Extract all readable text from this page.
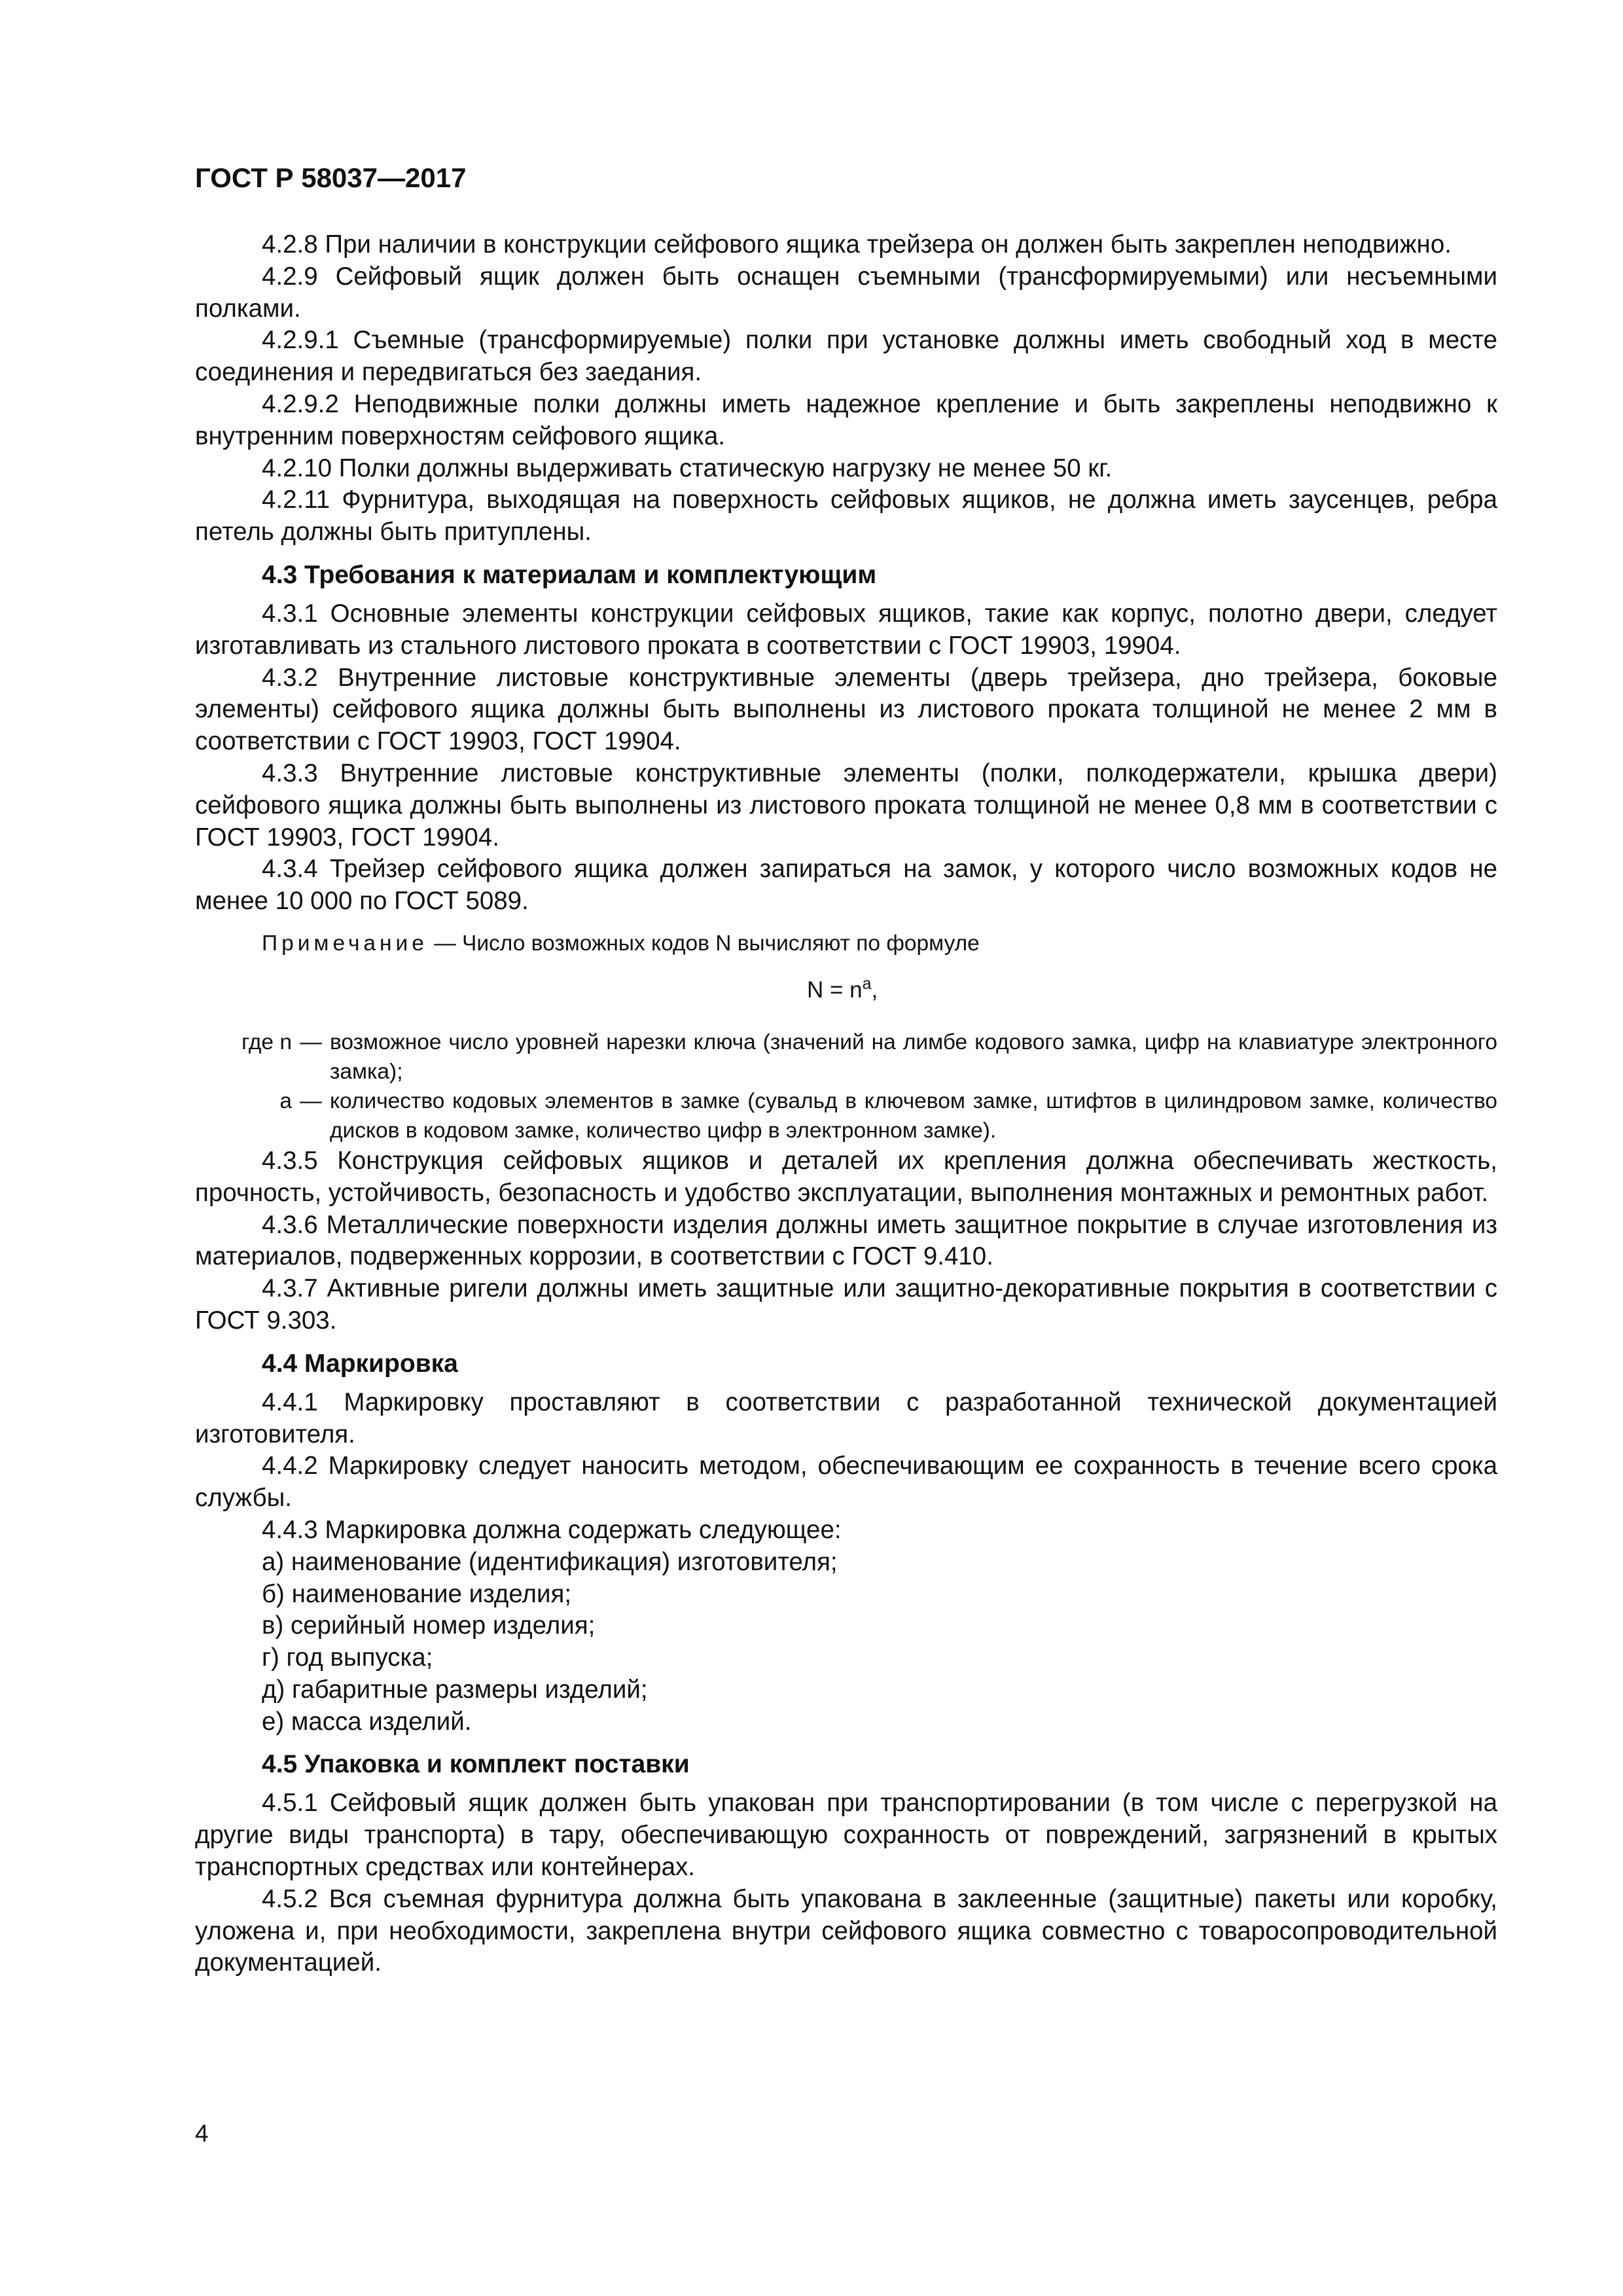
ГОСТ Р 58037—2017

4.2.8 При наличии в конструкции сейфового ящика трейзера он должен быть закреплен неподвижно.

4.2.9 Сейфовый ящик должен быть оснащен съемными (трансформируемыми) или несъемными полками.

4.2.9.1 Съемные (трансформируемые) полки при установке должны иметь свободный ход в месте соединения и передвигаться без заедания.

4.2.9.2 Неподвижные полки должны иметь надежное крепление и быть закреплены неподвижно к внутренним поверхностям сейфового ящика.

4.2.10 Полки должны выдерживать статическую нагрузку не менее 50 кг.

4.2.11 Фурнитура, выходящая на поверхность сейфовых ящиков, не должна иметь заусенцев, ребра петель должны быть притуплены.

4.3 Требования к материалам и комплектующим

4.3.1 Основные элементы конструкции сейфовых ящиков, такие как корпус, полотно двери, следует изготавливать из стального листового проката в соответствии с ГОСТ 19903, 19904.

4.3.2 Внутренние листовые конструктивные элементы (дверь трейзера, дно трейзера, боковые элементы) сейфового ящика должны быть выполнены из листового проката толщиной не менее 2 мм в соответствии с ГОСТ 19903, ГОСТ 19904.

4.3.3 Внутренние листовые конструктивные элементы (полки, полкодержатели, крышка двери) сейфового ящика должны быть выполнены из листового проката толщиной не менее 0,8 мм в соответствии с ГОСТ 19903, ГОСТ 19904.

4.3.4 Трейзер сейфового ящика должен запираться на замок, у которого число возможных кодов не менее 10 000 по ГОСТ 5089.

Примечание — Число возможных кодов N вычисляют по формуле

$N = n^a$,
где n — возможное число уровней нарезки ключа (значений на лимбе кодового замка, цифр на клавиатуре электронного замка);
a — количество кодовых элементов в замке (сувальд в ключевом замке, штифтов в цилиндровом замке, количество дисков в кодовом замке, количество цифр в электронном замке).

4.3.5 Конструкция сейфовых ящиков и деталей их крепления должна обеспечивать жесткость, прочность, устойчивость, безопасность и удобство эксплуатации, выполнения монтажных и ремонтных работ.

4.3.6 Металлические поверхности изделия должны иметь защитное покрытие в случае изготовления из материалов, подверженных коррозии, в соответствии с ГОСТ 9.410.

4.3.7 Активные ригели должны иметь защитные или защитно-декоративные покрытия в соответствии с ГОСТ 9.303.

4.4 Маркировка

4.4.1 Маркировку проставляют в соответствии с разработанной технической документацией изготовителя.

4.4.2 Маркировку следует наносить методом, обеспечивающим ее сохранность в течение всего срока службы.

4.4.3 Маркировка должна содержать следующее:

а) наименование (идентификация) изготовителя;

б) наименование изделия;

в) серийный номер изделия;

г) год выпуска;

д) габаритные размеры изделий;

е) масса изделий.

4.5 Упаковка и комплект поставки

4.5.1 Сейфовый ящик должен быть упакован при транспортировании (в том числе с перегрузкой на другие виды транспорта) в тару, обеспечивающую сохранность от повреждений, загрязнений в крытых транспортных средствах или контейнерах.

4.5.2 Вся съемная фурнитура должна быть упакована в заклеенные (защитные) пакеты или коробку, уложена и, при необходимости, закреплена внутри сейфового ящика совместно с товаросопроводительной документацией.

4
